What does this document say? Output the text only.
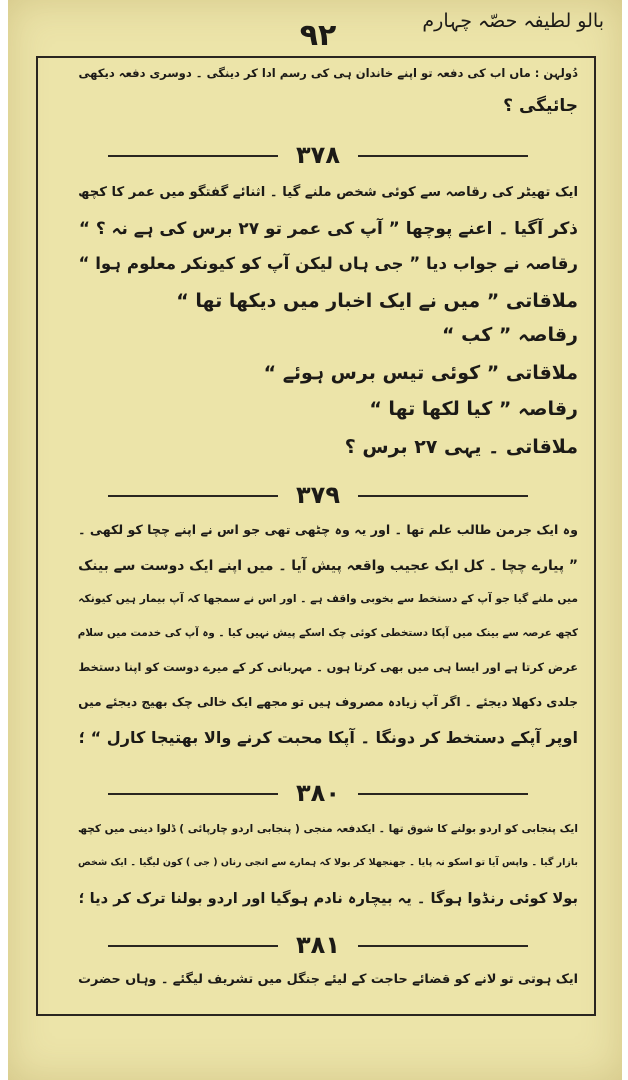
۹۲	بالو لطیفہ حصّہ چہارم
دُولہن : ماں اب کی دفعہ تو اپنے خاندان ہی کی رسم ادا کر دینگی ۔ دوسری دفعہ دیکھی
جائیگی ؟
۳۷۸
ایک تھیٹر کی رقاصہ سے کوئی شخص ملنے گیا ۔ اثنائے گفتگو میں عمر کا کچھ
ذکر آگیا ۔ اعنے پوچھا ” آپ کی عمر تو ۲۷ برس کی ہے نہ ؟ “
رقاصہ نے جواب دیا ” جی ہاں لیکن آپ کو کیونکر معلوم ہوا “
ملاقاتی ” میں نے ایک اخبار میں دیکھا تھا “
رقاصہ ” کب “
ملاقاتی ” کوئی تیس برس ہوئے “
رقاصہ ” کیا لکھا تھا “
ملاقاتی ۔ یہی ۲۷ برس ؟
۳۷۹
وہ ایک جرمن طالب علم تھا ۔ اور یہ وہ چٹھی تھی جو اس نے اپنے چچا کو لکھی ۔
” پیارے چچا ۔ کل ایک عجیب واقعہ پیش آیا ۔ میں اپنے ایک دوست سے بینک
میں ملنے گیا جو آپ کے دستخط سے بخوبی واقف ہے ۔ اور اس نے سمجھا کہ آپ بیمار ہیں کیونکہ
کچھ عرصہ سے بینک میں آپکا دستخطی کوئی چک اسکے پیش نہیں کیا ۔ وہ آپ کی خدمت میں سلام
عرض کرتا ہے اور ایسا ہی میں بھی کرتا ہوں ۔ مہربانی کر کے میرے دوست کو اپنا دستخط
جلدی دکھلا دیجئے ۔ اگر آپ زیادہ مصروف ہیں تو مجھے ایک خالی چک بھیج دیجئے میں
اوپر آپکے دستخط کر دونگا ۔ آپکا محبت کرنے والا بھتیجا کارل “ ؛
۳۸۰
ایک پنجابی کو اردو بولنے کا شوق تھا ۔ ایکدفعہ منجی ( پنجابی اردو چارپائی ) ڈلوا دینی میں کچھ
بازار گیا ۔ واپس آیا تو اسکو نہ پایا ۔ جھنجھلا کر بولا کہ ہمارے سے انجی رناں ( جی ) کون لیگیا ۔ ایک شخص
بولا کوئی رنڈوا ہوگا ۔ یہ بیچارہ نادم ہوگیا اور اردو بولنا ترک کر دیا ؛
۳۸۱
ایک ہوتی تو لانے کو قضائے حاجت کے لیئے جنگل میں تشریف لیگئے ۔ وہاں حضرت
